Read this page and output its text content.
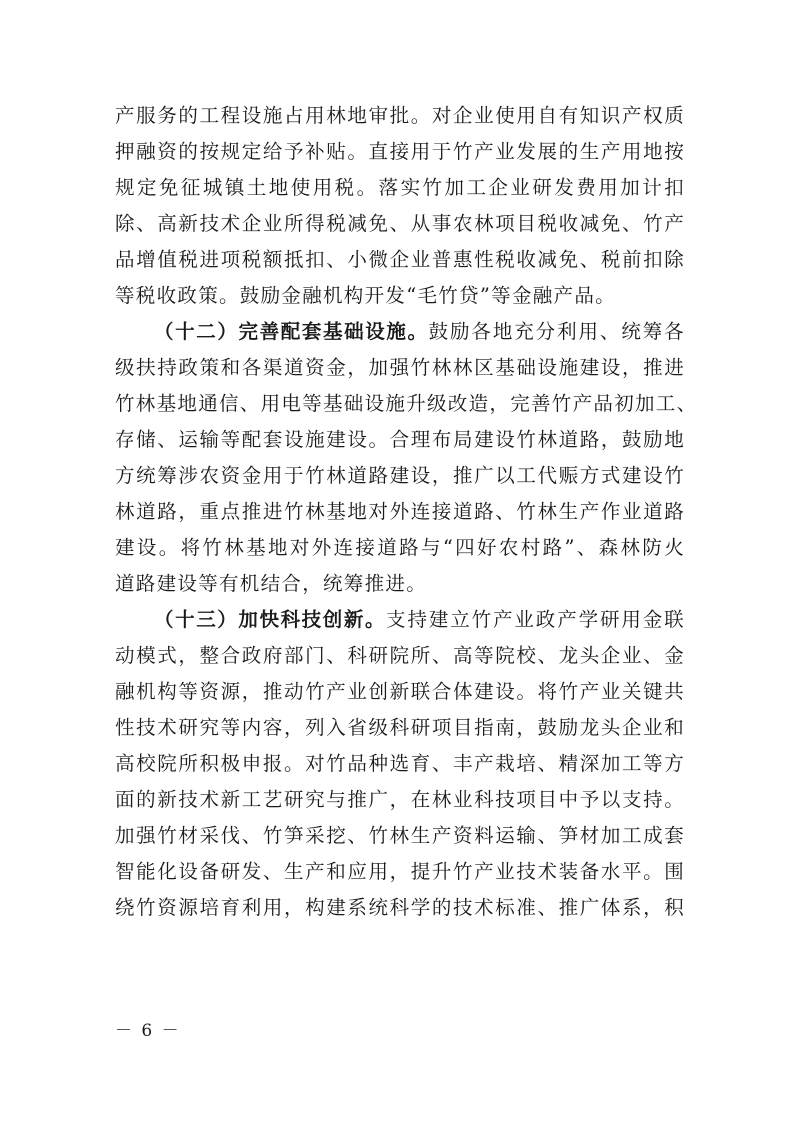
产服务的工程设施占用林地审批。对企业使用自有知识产权质
押融资的按规定给予补贴。直接用于竹产业发展的生产用地按
规定免征城镇土地使用税。落实竹加工企业研发费用加计扣
除、高新技术企业所得税减免、从事农林项目税收减免、竹产
品增值税进项税额抵扣、小微企业普惠性税收减免、税前扣除
等税收政策。鼓励金融机构开发“毛竹贷”等金融产品。
（十二）完善配套基础设施。鼓励各地充分利用、统筹各
级扶持政策和各渠道资金，加强竹林林区基础设施建设，推进
竹林基地通信、用电等基础设施升级改造，完善竹产品初加工、
存储、运输等配套设施建设。合理布局建设竹林道路，鼓励地
方统筹涉农资金用于竹林道路建设，推广以工代赈方式建设竹
林道路，重点推进竹林基地对外连接道路、竹林生产作业道路
建设。将竹林基地对外连接道路与“四好农村路”、森林防火
道路建设等有机结合，统筹推进。
（十三）加快科技创新。支持建立竹产业政产学研用金联
动模式，整合政府部门、科研院所、高等院校、龙头企业、金
融机构等资源，推动竹产业创新联合体建设。将竹产业关键共
性技术研究等内容，列入省级科研项目指南，鼓励龙头企业和
高校院所积极申报。对竹品种选育、丰产栽培、精深加工等方
面的新技术新工艺研究与推广，在林业科技项目中予以支持。
加强竹材采伐、竹笋采挖、竹林生产资料运输、笋材加工成套
智能化设备研发、生产和应用，提升竹产业技术装备水平。围
绕竹资源培育利用，构建系统科学的技术标准、推广体系，积
－ 6 －
